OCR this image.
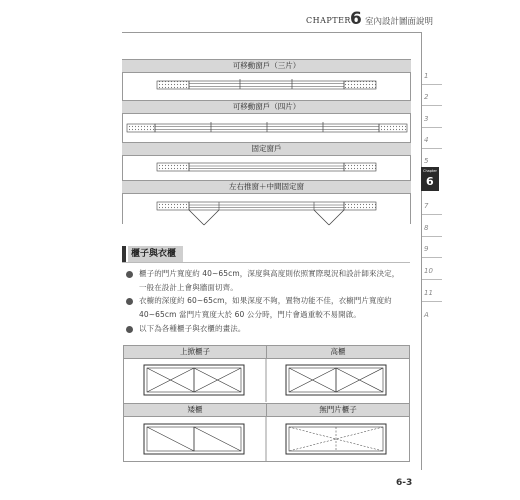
CHAPTER 6 室內設計圖面說明
1
2
3
4
5
Chapter
6
7
8
9
10
11
A
可移動窗戶（三片）
可移動窗戶（四片）
固定窗戶
左右推窗＋中間固定窗
櫃子與衣櫃
櫃子的門片寬度約 40~65cm，深度與高度則依照實際現況和設計師來決定，
一般在設計上會與牆面切齊。
衣櫥的深度約 60~65cm，如果深度不夠，置物功能不佳，衣櫥門片寬度約
40~65cm 當門片寬度大於 60 公分時，門片會過重較不易開啟。
以下為各種櫃子與衣櫃的畫法。
上掀櫃子	高櫃
矮櫃	無門片櫃子
6-3
